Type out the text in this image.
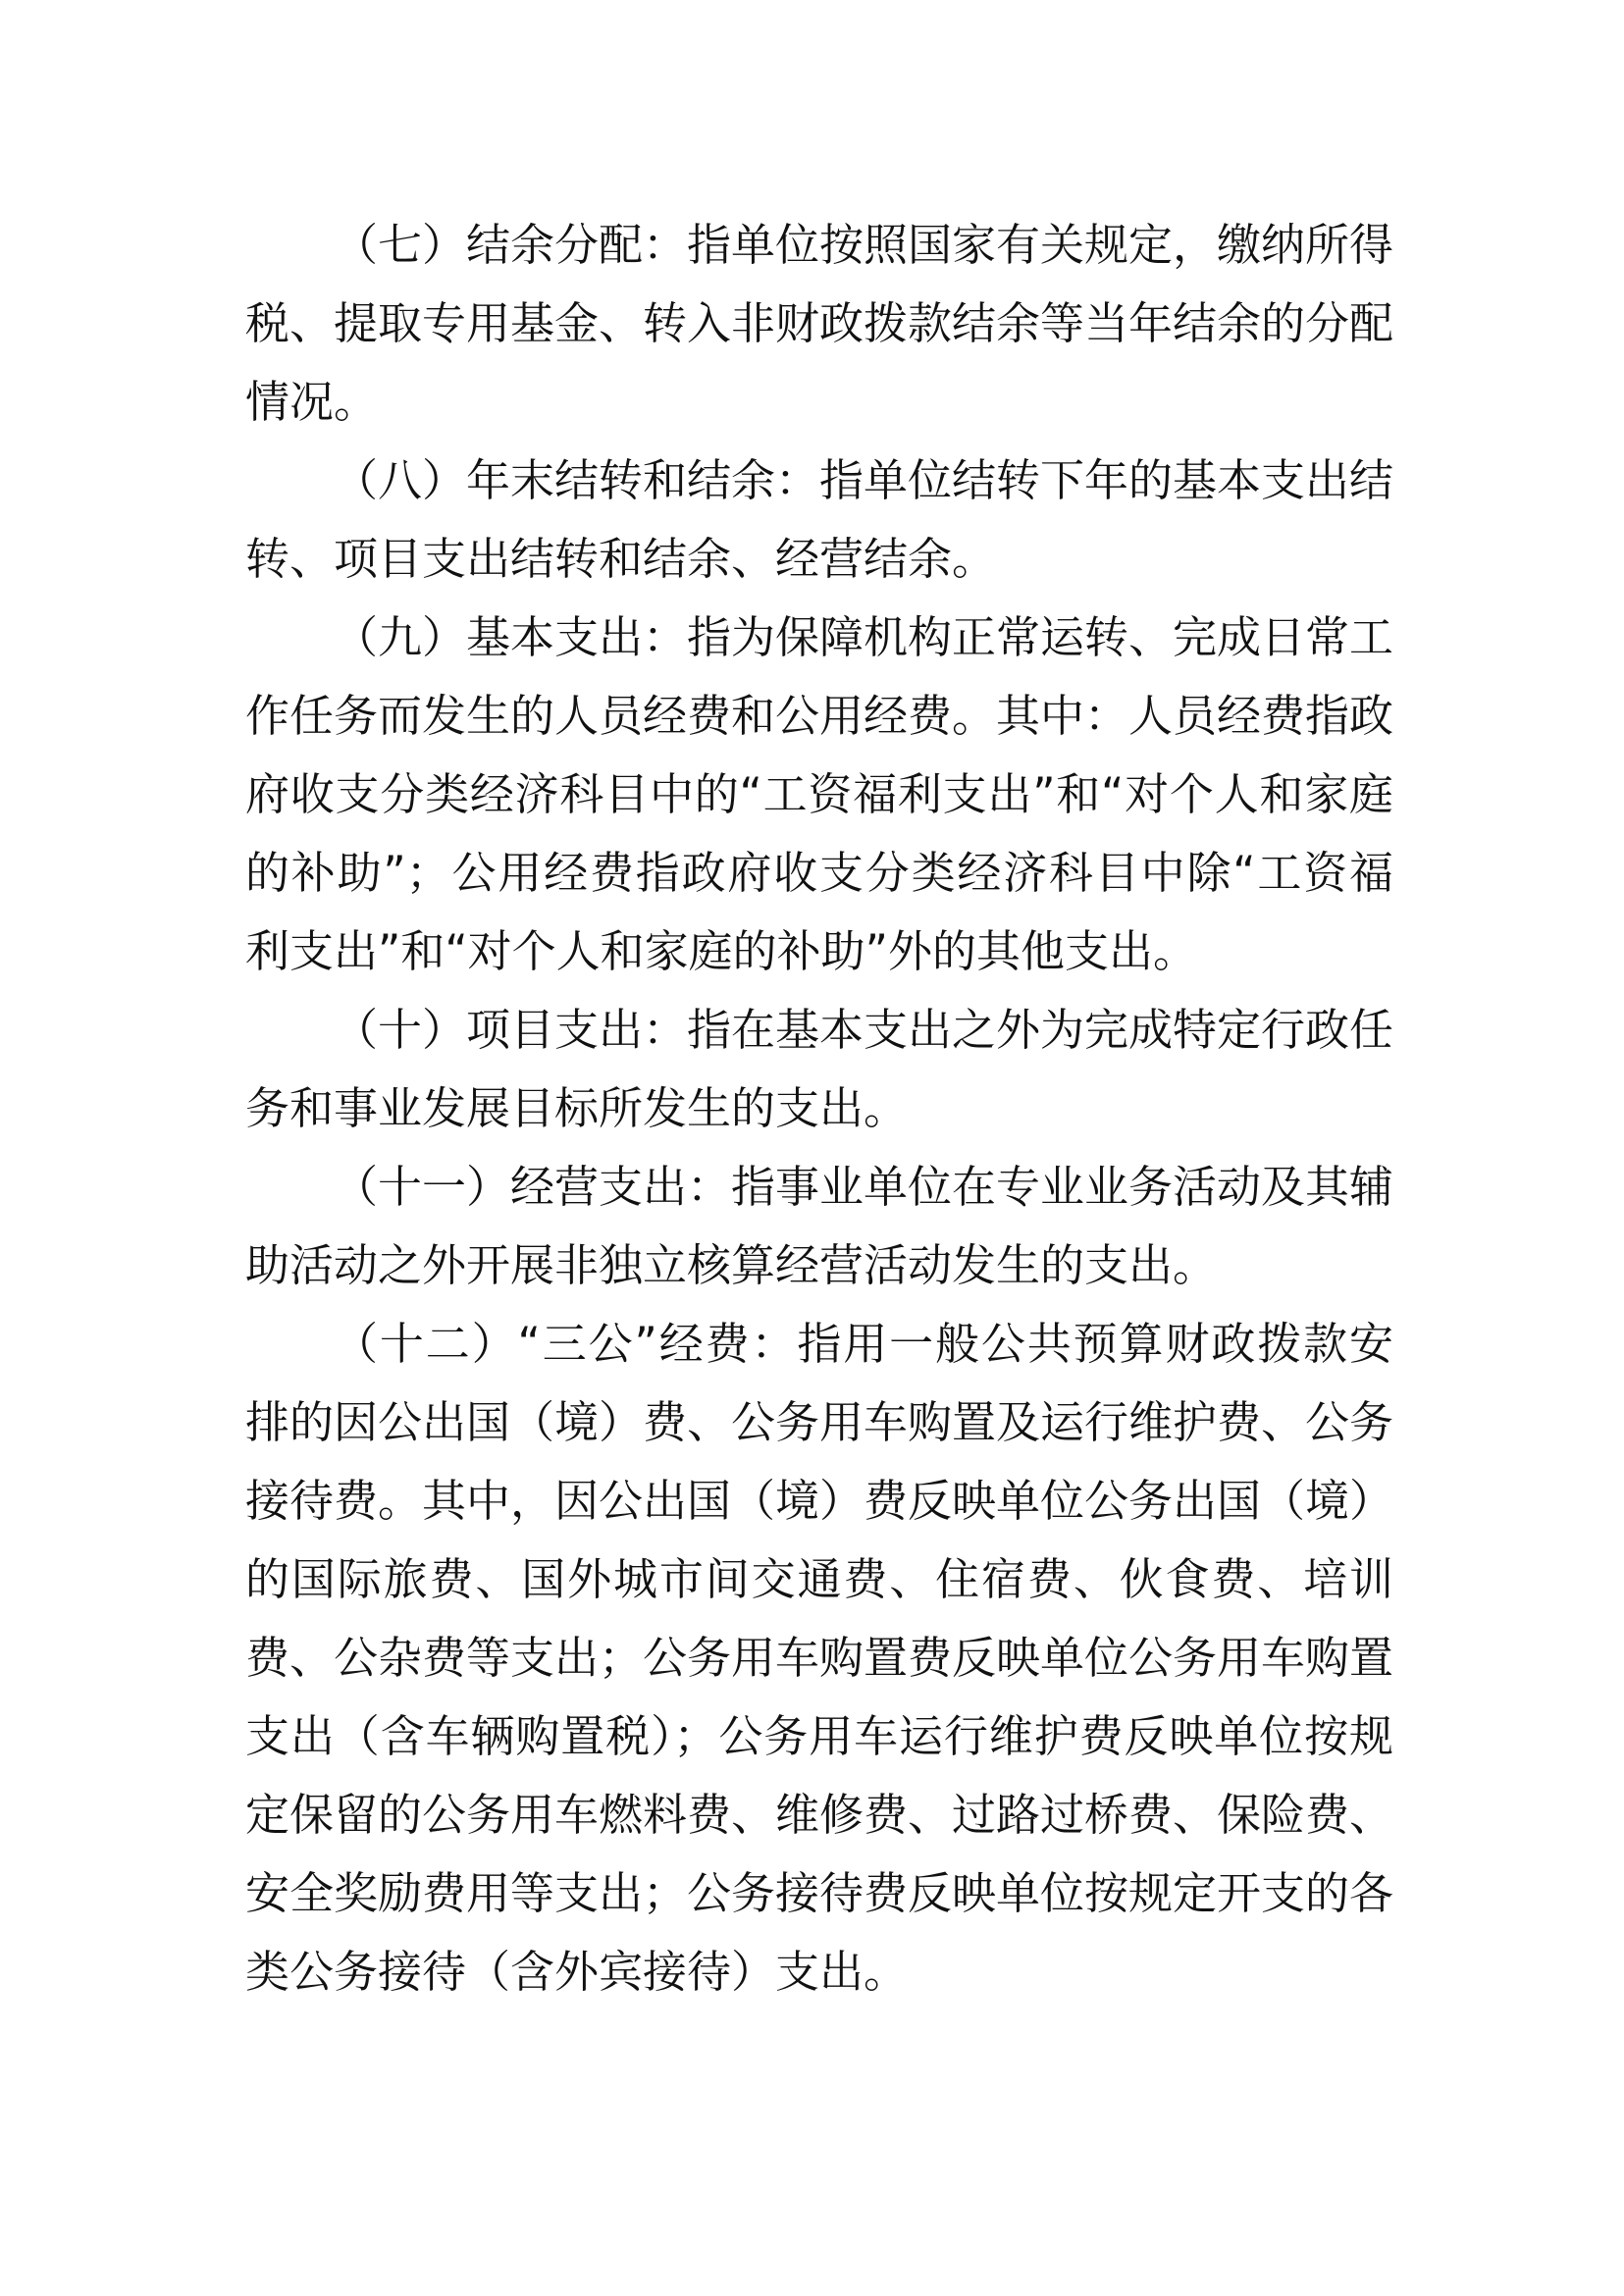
（七）结余分配：指单位按照国家有关规定，缴纳所得税、提取专用基金、转入非财政拨款结余等当年结余的分配情况。

（八）年末结转和结余：指单位结转下年的基本支出结转、项目支出结转和结余、经营结余。

（九）基本支出：指为保障机构正常运转、完成日常工作任务而发生的人员经费和公用经费。其中：人员经费指政府收支分类经济科目中的“工资福利支出”和“对个人和家庭的补助”；公用经费指政府收支分类经济科目中除“工资福利支出”和“对个人和家庭的补助”外的其他支出。

（十）项目支出：指在基本支出之外为完成特定行政任务和事业发展目标所发生的支出。

（十一）经营支出：指事业单位在专业业务活动及其辅助活动之外开展非独立核算经营活动发生的支出。

（十二）“三公”经费：指用一般公共预算财政拨款安排的因公出国（境）费、公务用车购置及运行维护费、公务接待费。其中，因公出国（境）费反映单位公务出国（境）的国际旅费、国外城市间交通费、住宿费、伙食费、培训费、公杂费等支出；公务用车购置费反映单位公务用车购置支出（含车辆购置税）；公务用车运行维护费反映单位按规定保留的公务用车燃料费、维修费、过路过桥费、保险费、安全奖励费用等支出；公务接待费反映单位按规定开支的各类公务接待（含外宾接待）支出。
